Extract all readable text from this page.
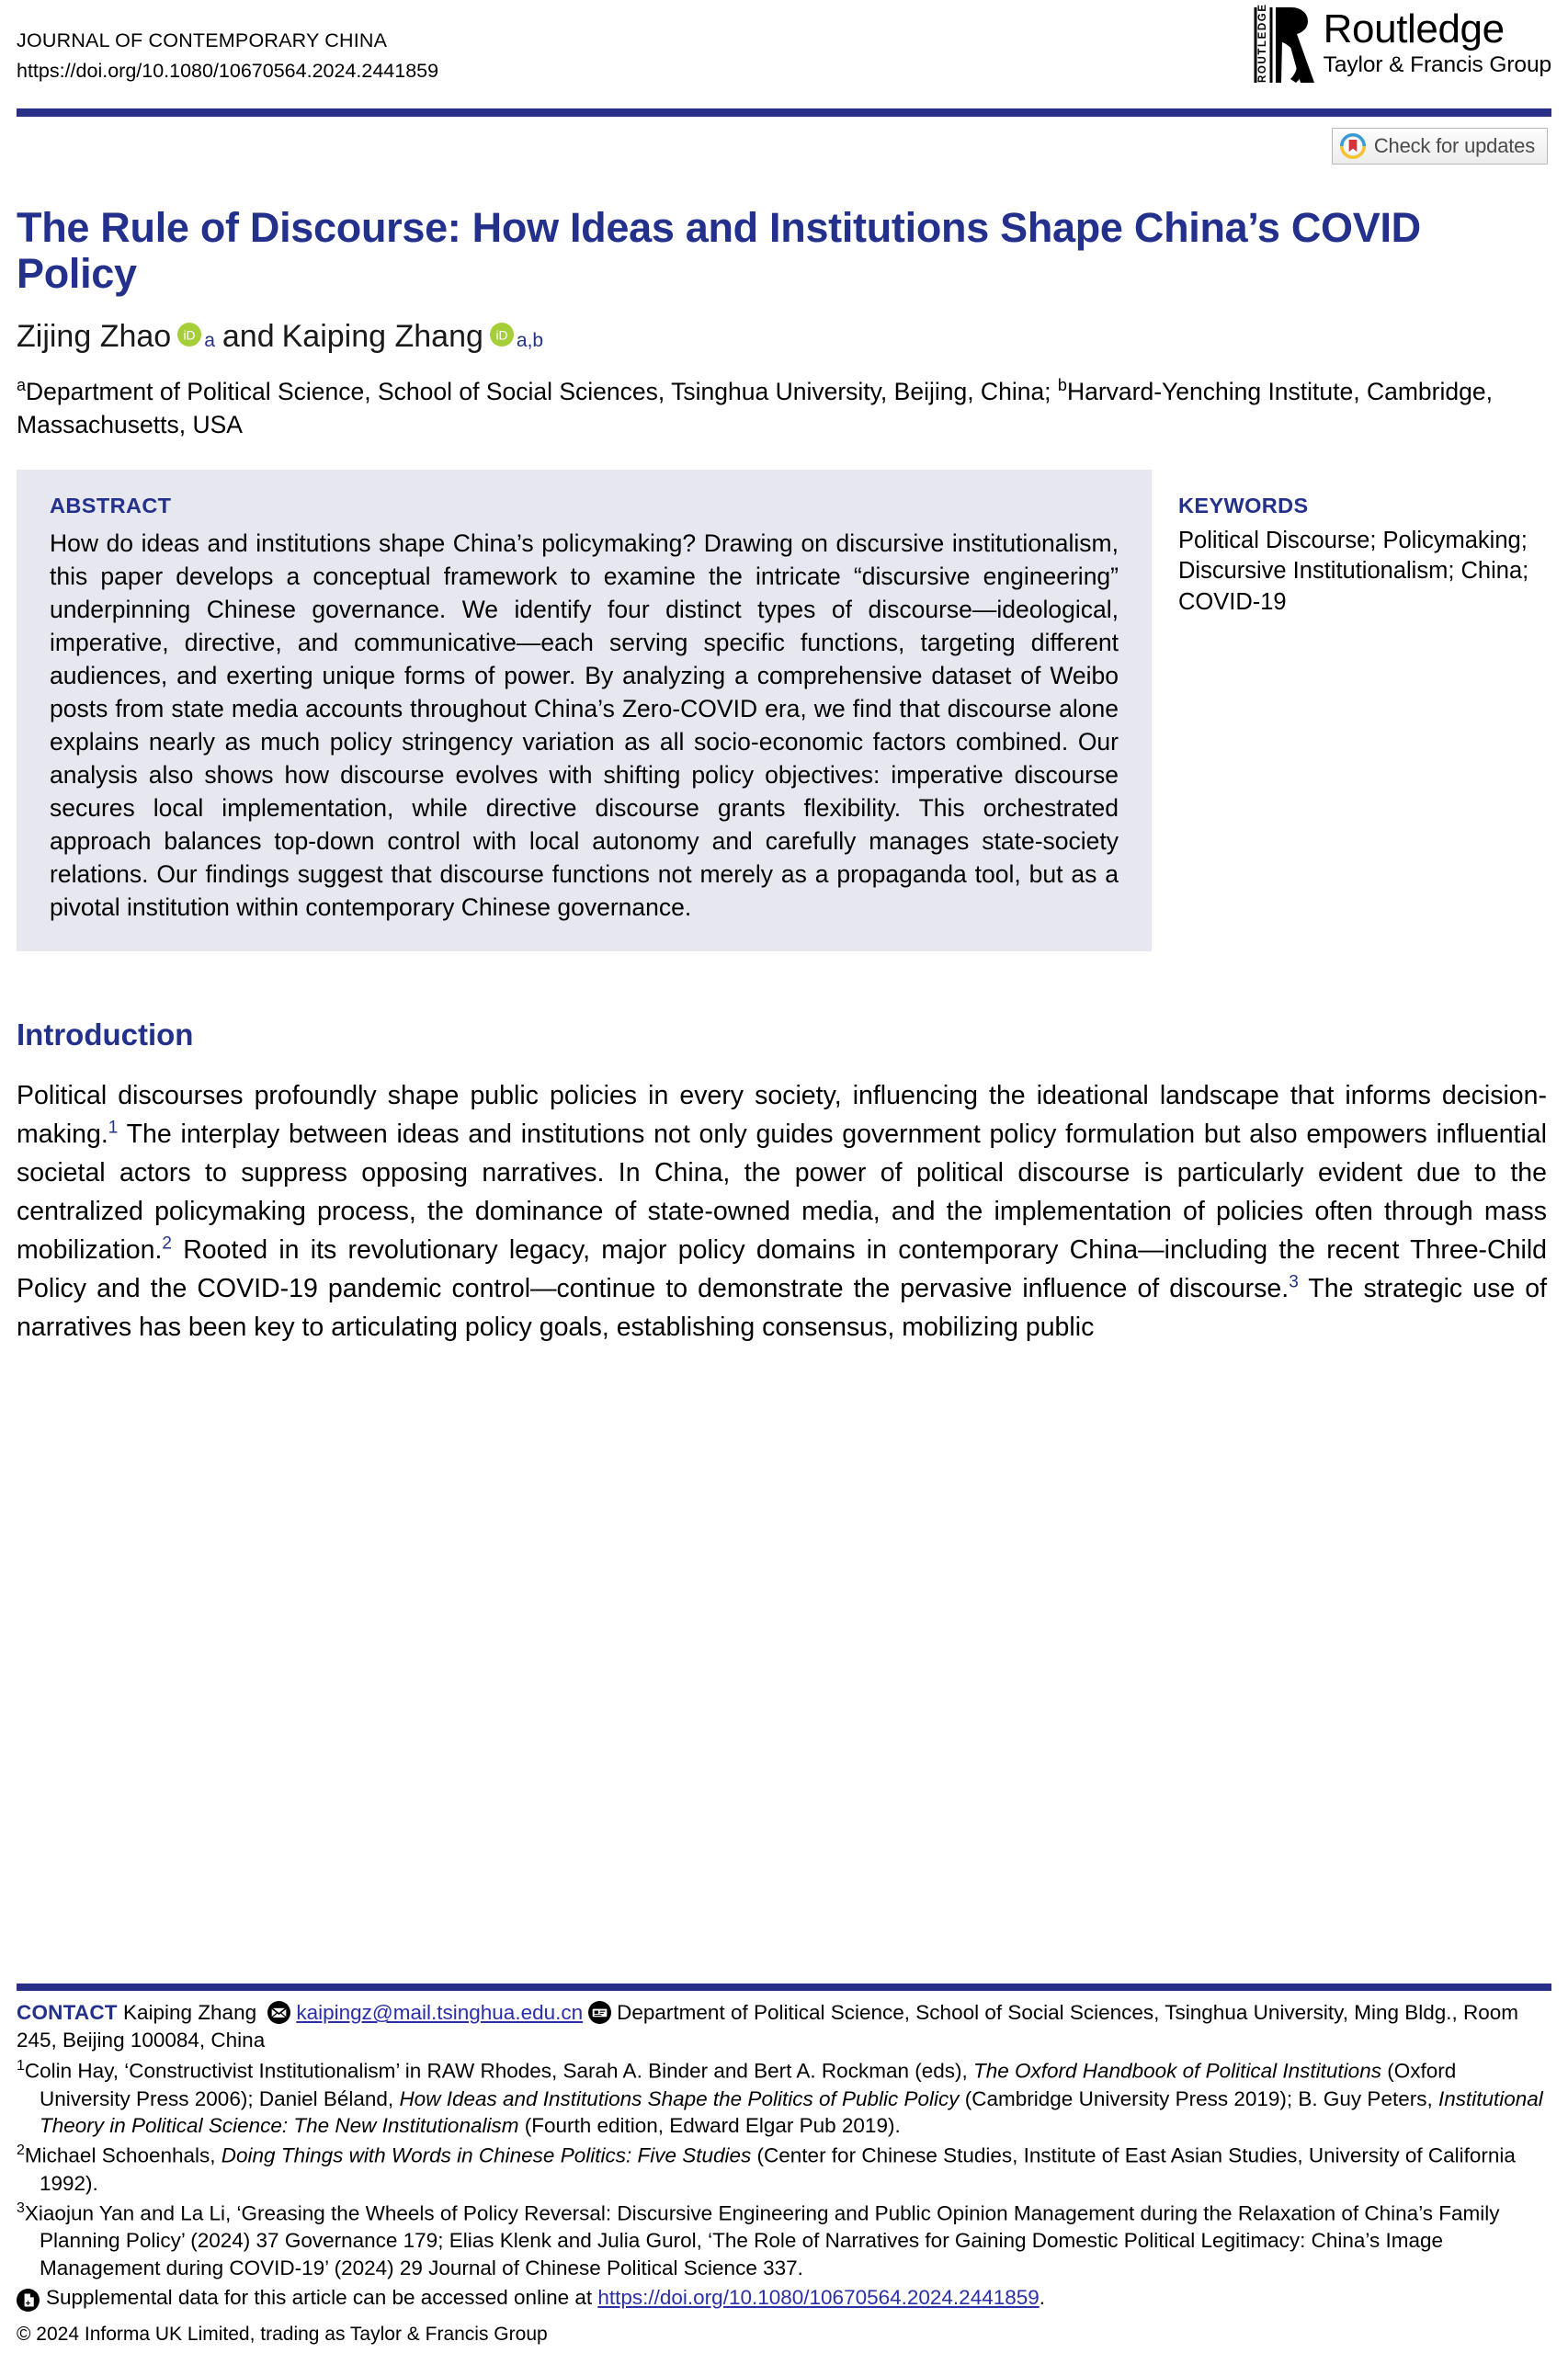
JOURNAL OF CONTEMPORARY CHINA
https://doi.org/10.1080/10670564.2024.2441859	ROUTLEDGE Routledge
Taylor & Francis Group
Check for updates
The Rule of Discourse: How Ideas and Institutions Shape China’s COVID Policy
Zijing Zhao iD a and Kaiping Zhang iD a,b
$^a$Department of Political Science, School of Social Sciences, Tsinghua University, Beijing, China; $^b$Harvard-Yenching Institute, Cambridge, Massachusetts, USA
ABSTRACT
How do ideas and institutions shape China’s policymaking? Drawing on discursive institutionalism, this paper develops a conceptual framework to examine the intricate “discursive engineering” underpinning Chinese governance. We identify four distinct types of discourse—ideological, imperative, directive, and communicative—each serving specific functions, targeting different audiences, and exerting unique forms of power. By analyzing a comprehensive dataset of Weibo posts from state media accounts throughout China’s Zero-COVID era, we find that discourse alone explains nearly as much policy stringency variation as all socio-economic factors combined. Our analysis also shows how discourse evolves with shifting policy objectives: imperative discourse secures local implementation, while directive discourse grants flexibility. This orchestrated approach balances top-down control with local autonomy and carefully manages state-society relations. Our findings suggest that discourse functions not merely as a propaganda tool, but as a pivotal institution within contemporary Chinese governance.
KEYWORDS
Political Discourse; Policymaking; Discursive Institutionalism; China; COVID-19
Introduction
Political discourses profoundly shape public policies in every society, influencing the ideational landscape that informs decision-making.$^1$ The interplay between ideas and institutions not only guides government policy formulation but also empowers influential societal actors to suppress opposing narratives. In China, the power of political discourse is particularly evident due to the centralized policymaking process, the dominance of state-owned media, and the implementation of policies often through mass mobilization.$^2$ Rooted in its revolutionary legacy, major policy domains in contemporary China—including the recent Three-Child Policy and the COVID-19 pandemic control—continue to demonstrate the pervasive influence of discourse.$^3$ The strategic use of narratives has been key to articulating policy goals, establishing consensus, mobilizing public
CONTACT Kaiping Zhang kaipingz@mail.tsinghua.edu.cn Department of Political Science, School of Social Sciences, Tsinghua University, Ming Bldg., Room 245, Beijing 100084, China
$^1$Colin Hay, ‘Constructivist Institutionalism’ in RAW Rhodes, Sarah A. Binder and Bert A. Rockman (eds), The Oxford Handbook of Political Institutions (Oxford University Press 2006); Daniel Béland, How Ideas and Institutions Shape the Politics of Public Policy (Cambridge University Press 2019); B. Guy Peters, Institutional Theory in Political Science: The New Institutionalism (Fourth edition, Edward Elgar Pub 2019).
$^2$Michael Schoenhals, Doing Things with Words in Chinese Politics: Five Studies (Center for Chinese Studies, Institute of East Asian Studies, University of California 1992).
$^3$Xiaojun Yan and La Li, ‘Greasing the Wheels of Policy Reversal: Discursive Engineering and Public Opinion Management during the Relaxation of China’s Family Planning Policy’ (2024) 37 Governance 179; Elias Klenk and Julia Gurol, ‘The Role of Narratives for Gaining Domestic Political Legitimacy: China’s Image Management during COVID-19’ (2024) 29 Journal of Chinese Political Science 337.
Supplemental data for this article can be accessed online at https://doi.org/10.1080/10670564.2024.2441859.
© 2024 Informa UK Limited, trading as Taylor & Francis Group
